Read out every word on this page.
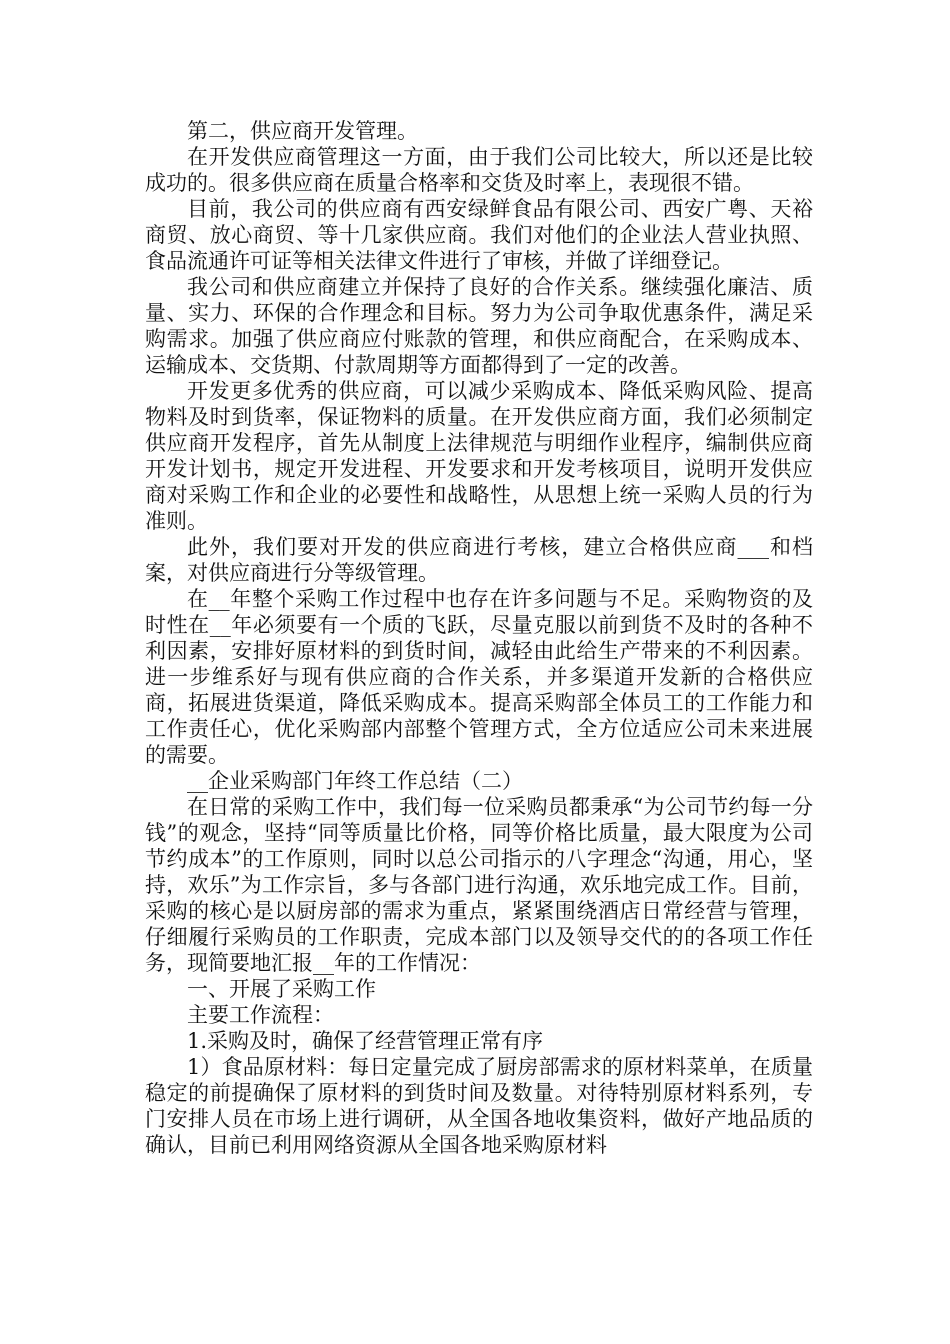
第二，供应商开发管理。

在开发供应商管理这一方面，由于我们公司比较大，所以还是比较成功的。很多供应商在质量合格率和交货及时率上，表现很不错。

目前，我公司的供应商有西安绿鲜食品有限公司、西安广粤、天裕商贸、放心商贸、等十几家供应商。我们对他们的企业法人营业执照、食品流通许可证等相关法律文件进行了审核，并做了详细登记。

我公司和供应商建立并保持了良好的合作关系。继续强化廉洁、质量、实力、环保的合作理念和目标。努力为公司争取优惠条件，满足采购需求。加强了供应商应付账款的管理，和供应商配合，在采购成本、运输成本、交货期、付款周期等方面都得到了一定的改善。

开发更多优秀的供应商，可以减少采购成本、降低采购风险、提高物料及时到货率，保证物料的质量。在开发供应商方面，我们必须制定供应商开发程序，首先从制度上法律规范与明细作业程序，编制供应商开发计划书，规定开发进程、开发要求和开发考核项目，说明开发供应商对采购工作和企业的必要性和战略性，从思想上统一采购人员的行为准则。

此外，我们要对开发的供应商进行考核，建立合格供应商___和档案，对供应商进行分等级管理。

在__年整个采购工作过程中也存在许多问题与不足。采购物资的及时性在__年必须要有一个质的飞跃，尽量克服以前到货不及时的各种不利因素，安排好原材料的到货时间，减轻由此给生产带来的不利因素。进一步维系好与现有供应商的合作关系，并多渠道开发新的合格供应商，拓展进货渠道，降低采购成本。提高采购部全体员工的工作能力和工作责任心，优化采购部内部整个管理方式，全方位适应公司未来进展的需要。

__企业采购部门年终工作总结（二）

在日常的采购工作中，我们每一位采购员都秉承“为公司节约每一分钱”的观念，坚持“同等质量比价格，同等价格比质量，最大限度为公司节约成本”的工作原则，同时以总公司指示的八字理念“沟通，用心，坚持，欢乐”为工作宗旨，多与各部门进行沟通，欢乐地完成工作。目前，采购的核心是以厨房部的需求为重点，紧紧围绕酒店日常经营与管理，仔细履行采购员的工作职责，完成本部门以及领导交代的的各项工作任务，现简要地汇报__年的工作情况：

一、开展了采购工作

主要工作流程：

1.采购及时，确保了经营管理正常有序

1）食品原材料：每日定量完成了厨房部需求的原材料菜单，在质量稳定的前提确保了原材料的到货时间及数量。对待特别原材料系列，专门安排人员在市场上进行调研，从全国各地收集资料，做好产地品质的确认，目前已利用网络资源从全国各地采购原材料
